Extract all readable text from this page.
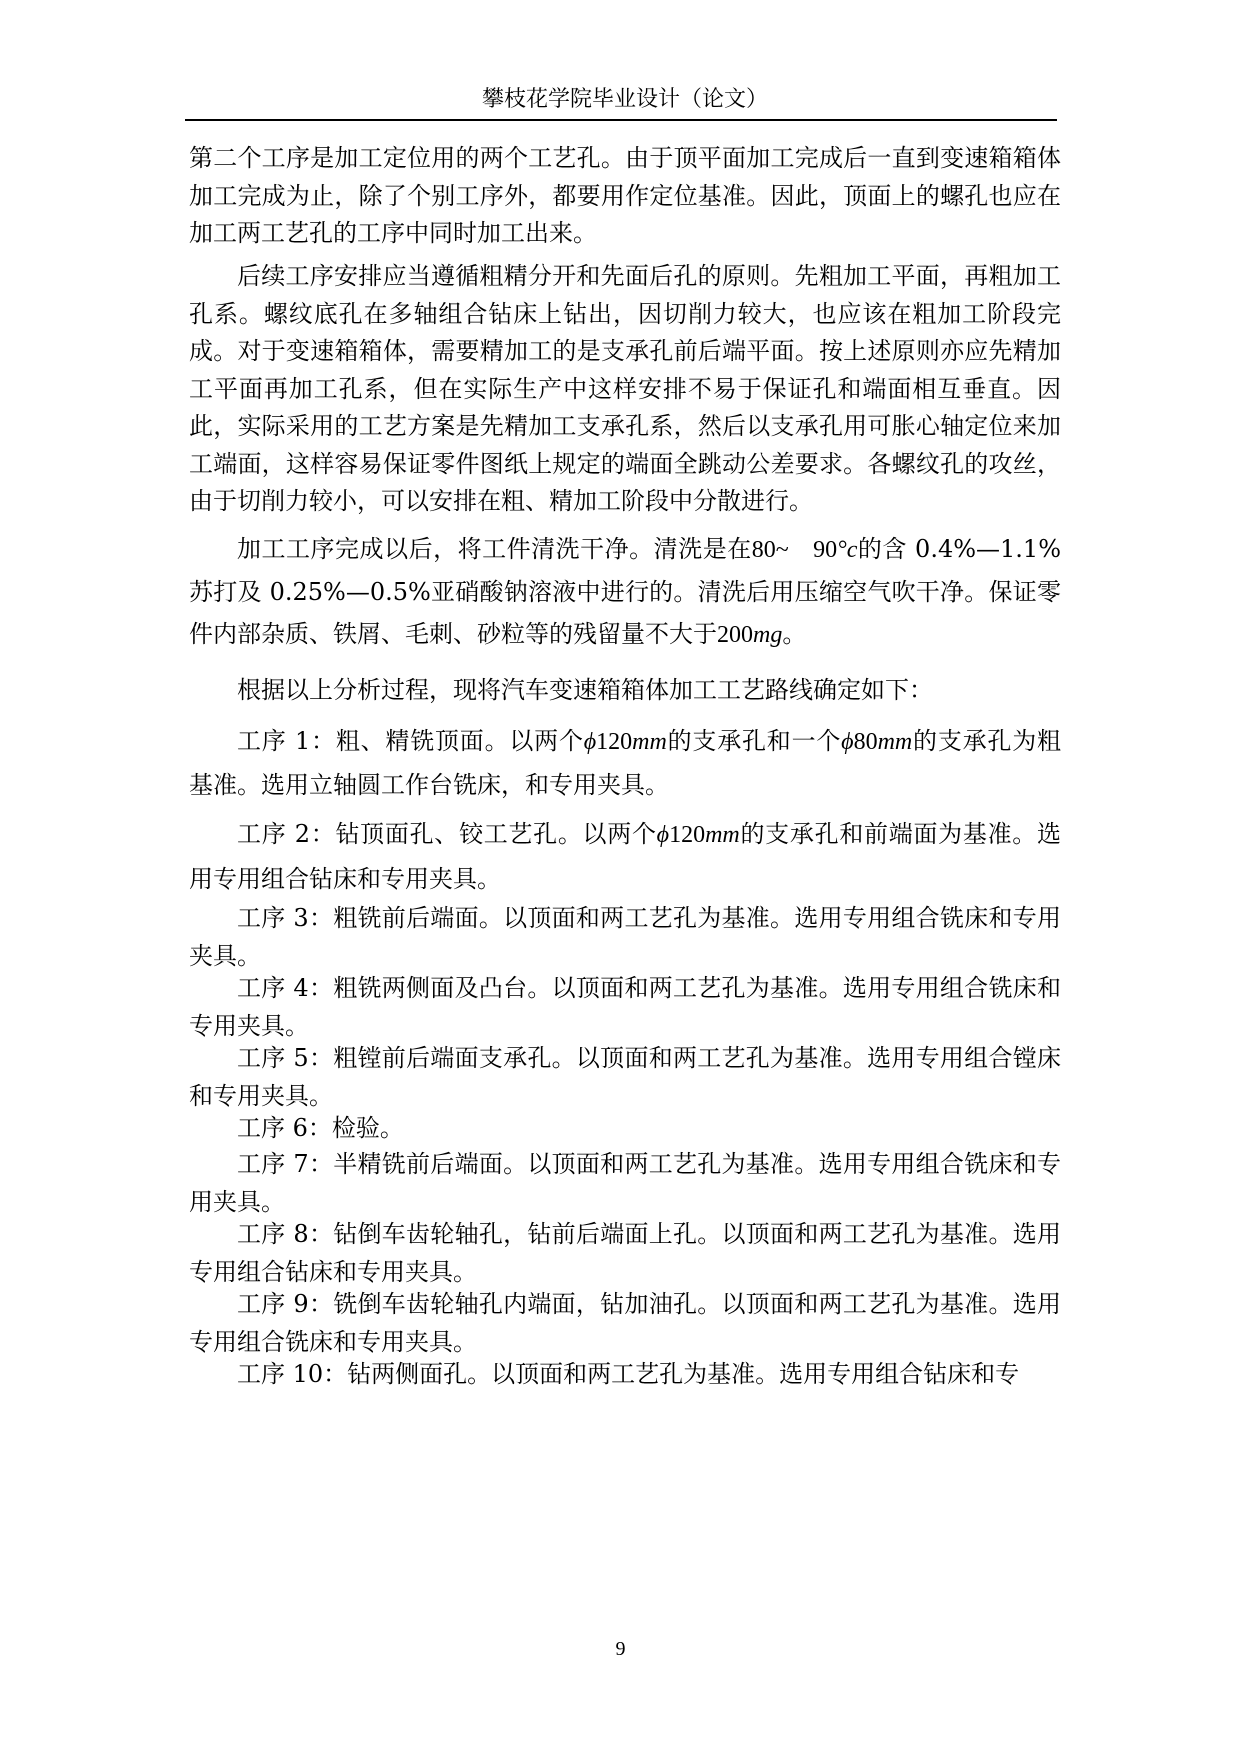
攀枝花学院毕业设计（论文）

第二个工序是加工定位用的两个工艺孔。由于顶平面加工完成后一直到变速箱箱体加工完成为止，除了个别工序外，都要用作定位基准。因此，顶面上的螺孔也应在加工两工艺孔的工序中同时加工出来。

后续工序安排应当遵循粗精分开和先面后孔的原则。先粗加工平面，再粗加工孔系。螺纹底孔在多轴组合钻床上钻出，因切削力较大，也应该在粗加工阶段完成。对于变速箱箱体，需要精加工的是支承孔前后端平面。按上述原则亦应先精加工平面再加工孔系，但在实际生产中这样安排不易于保证孔和端面相互垂直。因此，实际采用的工艺方案是先精加工支承孔系，然后以支承孔用可胀心轴定位来加工端面，这样容易保证零件图纸上规定的端面全跳动公差要求。各螺纹孔的攻丝，由于切削力较小，可以安排在粗、精加工阶段中分散进行。

加工工序完成以后，将工件清洗干净。清洗是在80~ 90°c的含 0.4%—1.1% 苏打及 0.25%—0.5%亚硝酸钠溶液中进行的。清洗后用压缩空气吹干净。保证零件内部杂质、铁屑、毛刺、砂粒等的残留量不大于200mg。

根据以上分析过程，现将汽车变速箱箱体加工工艺路线确定如下：

工序 1：粗、精铣顶面。以两个ϕ120mm的支承孔和一个ϕ80mm的支承孔为粗基准。选用立轴圆工作台铣床，和专用夹具。

工序 2：钻顶面孔、铰工艺孔。以两个ϕ120mm的支承孔和前端面为基准。选用专用组合钻床和专用夹具。

工序 3：粗铣前后端面。以顶面和两工艺孔为基准。选用专用组合铣床和专用夹具。

工序 4：粗铣两侧面及凸台。以顶面和两工艺孔为基准。选用专用组合铣床和专用夹具。

工序 5：粗镗前后端面支承孔。以顶面和两工艺孔为基准。选用专用组合镗床和专用夹具。

工序 6：检验。

工序 7：半精铣前后端面。以顶面和两工艺孔为基准。选用专用组合铣床和专用夹具。

工序 8：钻倒车齿轮轴孔，钻前后端面上孔。以顶面和两工艺孔为基准。选用专用组合钻床和专用夹具。

工序 9：铣倒车齿轮轴孔内端面，钻加油孔。以顶面和两工艺孔为基准。选用专用组合铣床和专用夹具。

工序 10：钻两侧面孔。以顶面和两工艺孔为基准。选用专用组合钻床和专

9
